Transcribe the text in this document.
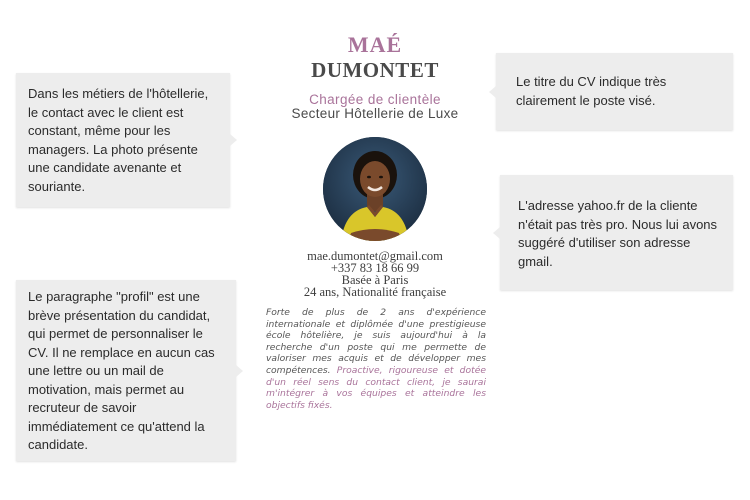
Dans les métiers de l'hôtellerie, le contact avec le client est constant, même pour les managers. La photo présente une candidate avenante et souriante.
Le titre du CV indique très clairement le poste visé.
L'adresse yahoo.fr de la cliente n'était pas très pro. Nous lui avons suggéré d'utiliser son adresse gmail.
Le paragraphe "profil" est une brève présentation du candidat, qui permet de personnaliser le CV. Il ne remplace en aucun cas une lettre ou un mail de motivation, mais permet au recruteur de savoir immédiatement ce qu'attend la candidate.
MAÉ
DUMONTET
Chargée de clientèle
Secteur Hôtellerie de Luxe
mae.dumontet@gmail.com
+337 83 18 66 99
Basée à Paris
24 ans, Nationalité française
Forte de plus de 2 ans d'expérience internationale et diplômée d'une prestigieuse école hôtelière, je suis aujourd'hui à la recherche d'un poste qui me permette de valoriser mes acquis et de développer mes compétences. Proactive, rigoureuse et dotée d'un réel sens du contact client, je saurai m'intégrer à vos équipes et atteindre les objectifs fixés.
